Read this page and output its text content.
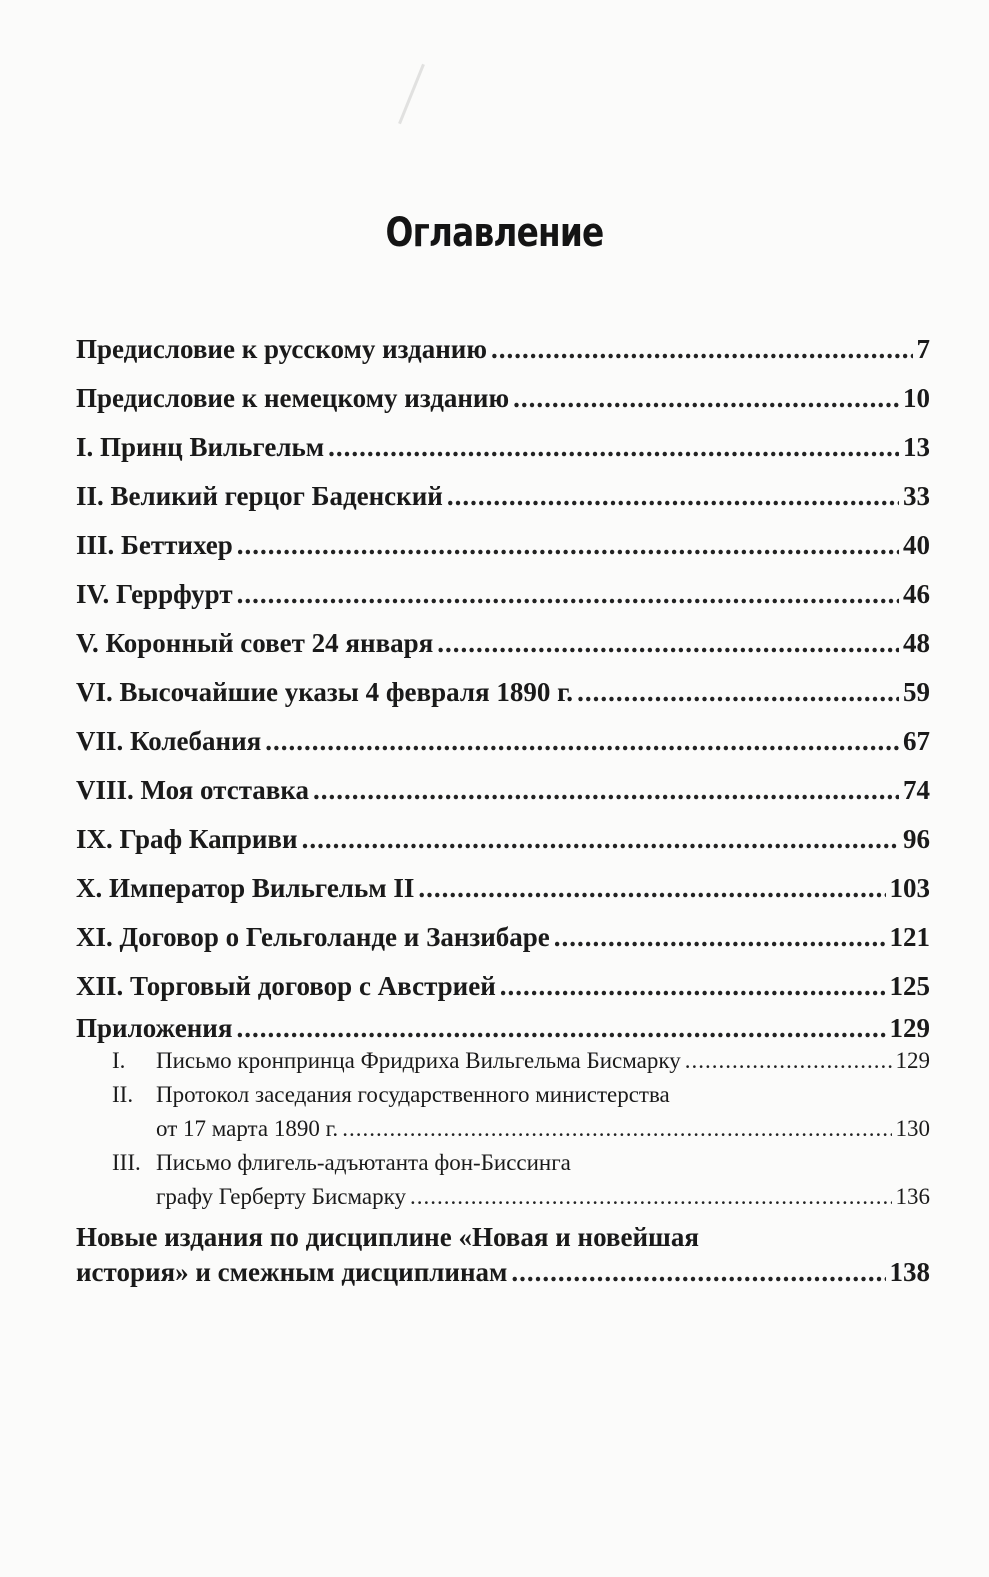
Оглавление
Предисловие к русскому изданию .....	7
Предисловие к немецкому изданию .....	10
I. Принц Вильгельм .....	13
II. Великий герцог Баденский .....	33
III. Беттихер .....	40
IV. Геррфурт .....	46
V. Коронный совет 24 января .....	48
VI. Высочайшие указы 4 февраля 1890 г. .....	59
VII. Колебания .....	67
VIII. Моя отставка .....	74
IX. Граф Каприви .....	96
X. Император Вильгельм II .....	103
XI. Договор о Гельголанде и Занзибаре .....	121
XII. Торговый договор с Австрией .....	125
Приложения .....	129
I. Письмо кронпринца Фридриха Вильгельма Бисмарку .....	129
II. Протокол заседания государственного министерства
от 17 марта 1890 г. .....	130
III. Письмо флигель-адъютанта фон-Биссинга
графу Герберту Бисмарку .....	136
Новые издания по дисциплине «Новая и новейшая
история» и смежным дисциплинам .....	138
